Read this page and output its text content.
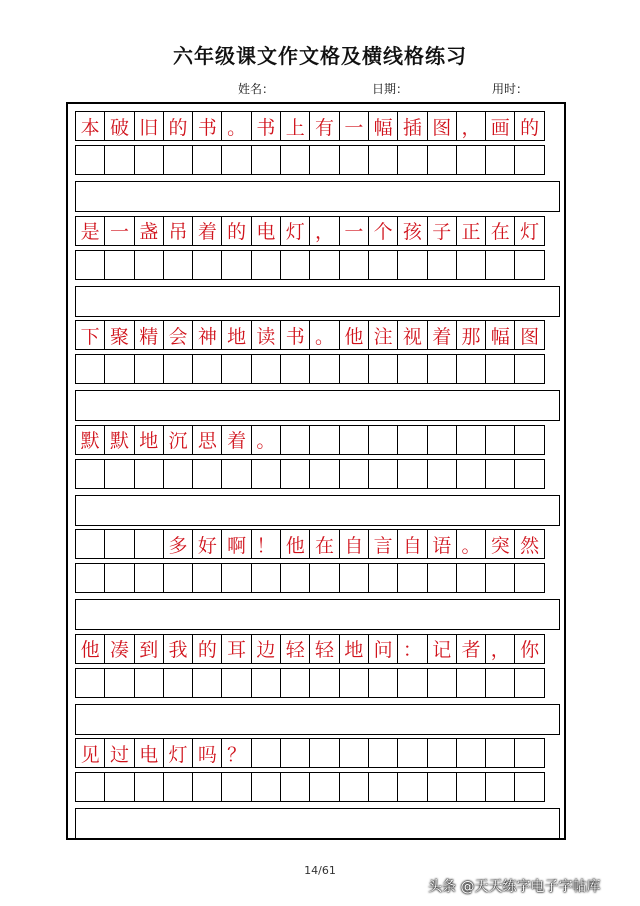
六年级课文作文格及横线格练习
姓名：	日期：	用时：
本 破 旧 的 书 。 书 上 有 一 幅 插 图 ， 画 的
是 一 盏 吊 着 的 电 灯 ， 一 个 孩 子 正 在 灯
下 聚 精 会 神 地 读 书 。 他 注 视 着 那 幅 图
默 默 地 沉 思 着 。
多 好 啊 ！ 他 在 自 言 自 语 。 突 然
他 凑 到 我 的 耳 边 轻 轻 地 问 ： 记 者 ， 你
见 过 电 灯 吗 ？
14/61
头条 @天天练字电子字帖库
